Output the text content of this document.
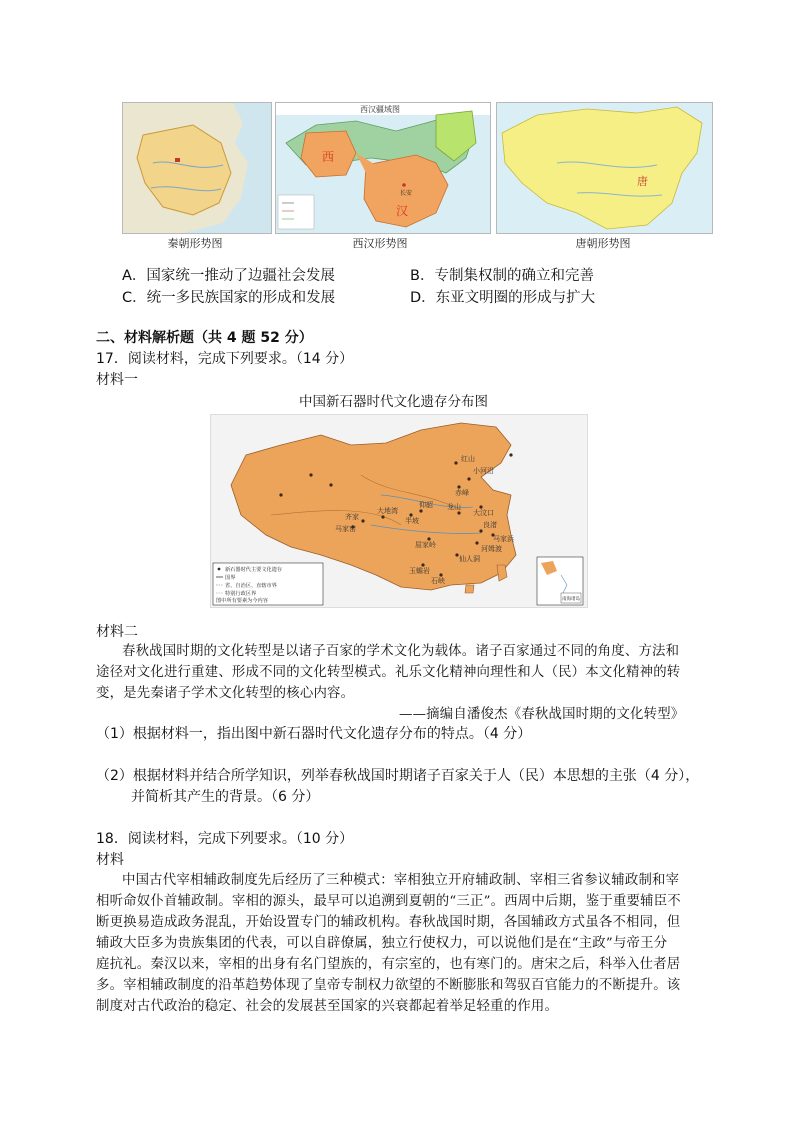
秦朝形势图
西汉疆域图
西
汉
长安
西汉形势图
唐
唐朝形势图
A．国家统一推动了边疆社会发展	B．专制集权制的确立和完善
C．统一多民族国家的形成和发展	D．东亚文明圈的形成与扩大
二、材料解析题（共 4 题 52 分）
17．阅读材料，完成下列要求。（14 分）
材料一
中国新石器时代文化遗存分布图
红山
小河沿
赤峰
大汶口
龙山
半坡
仰韶
马家窑
齐家
大地湾
屈家岭	河姆渡
良渚
马家浜
石峡
仙人洞
玉蟾岩
新石器时代主要文化遗存
国界
省、自治区、直辖市界
特别行政区界
图中所有要素为今内容	南海诸岛
材料二
春秋战国时期的文化转型是以诸子百家的学术文化为载体。诸子百家通过不同的角度、方法和
途径对文化进行重建、形成不同的文化转型模式。礼乐文化精神向理性和人（民）本文化精神的转
变，是先秦诸子学术文化转型的核心内容。
——摘编自潘俊杰《春秋战国时期的文化转型》
（1）根据材料一，指出图中新石器时代文化遗存分布的特点。（4 分）
（2）根据材料并结合所学知识，列举春秋战国时期诸子百家关于人（民）本思想的主张（4 分），
并简析其产生的背景。（6 分）
18．阅读材料，完成下列要求。（10 分）
材料
中国古代宰相辅政制度先后经历了三种模式：宰相独立开府辅政制、宰相三省参议辅政制和宰
相听命奴仆首辅政制。宰相的源头，最早可以追溯到夏朝的“三正”。西周中后期，鉴于重要辅臣不
断更换易造成政务混乱，开始设置专门的辅政机构。春秋战国时期，各国辅政方式虽各不相同，但
辅政大臣多为贵族集团的代表，可以自辟僚属，独立行使权力，可以说他们是在“主政”与帝王分
庭抗礼。秦汉以来，宰相的出身有名门望族的，有宗室的，也有寒门的。唐宋之后，科举入仕者居
多。宰相辅政制度的沿革趋势体现了皇帝专制权力欲望的不断膨胀和驾驭百官能力的不断提升。该
制度对古代政治的稳定、社会的发展甚至国家的兴衰都起着举足轻重的作用。
